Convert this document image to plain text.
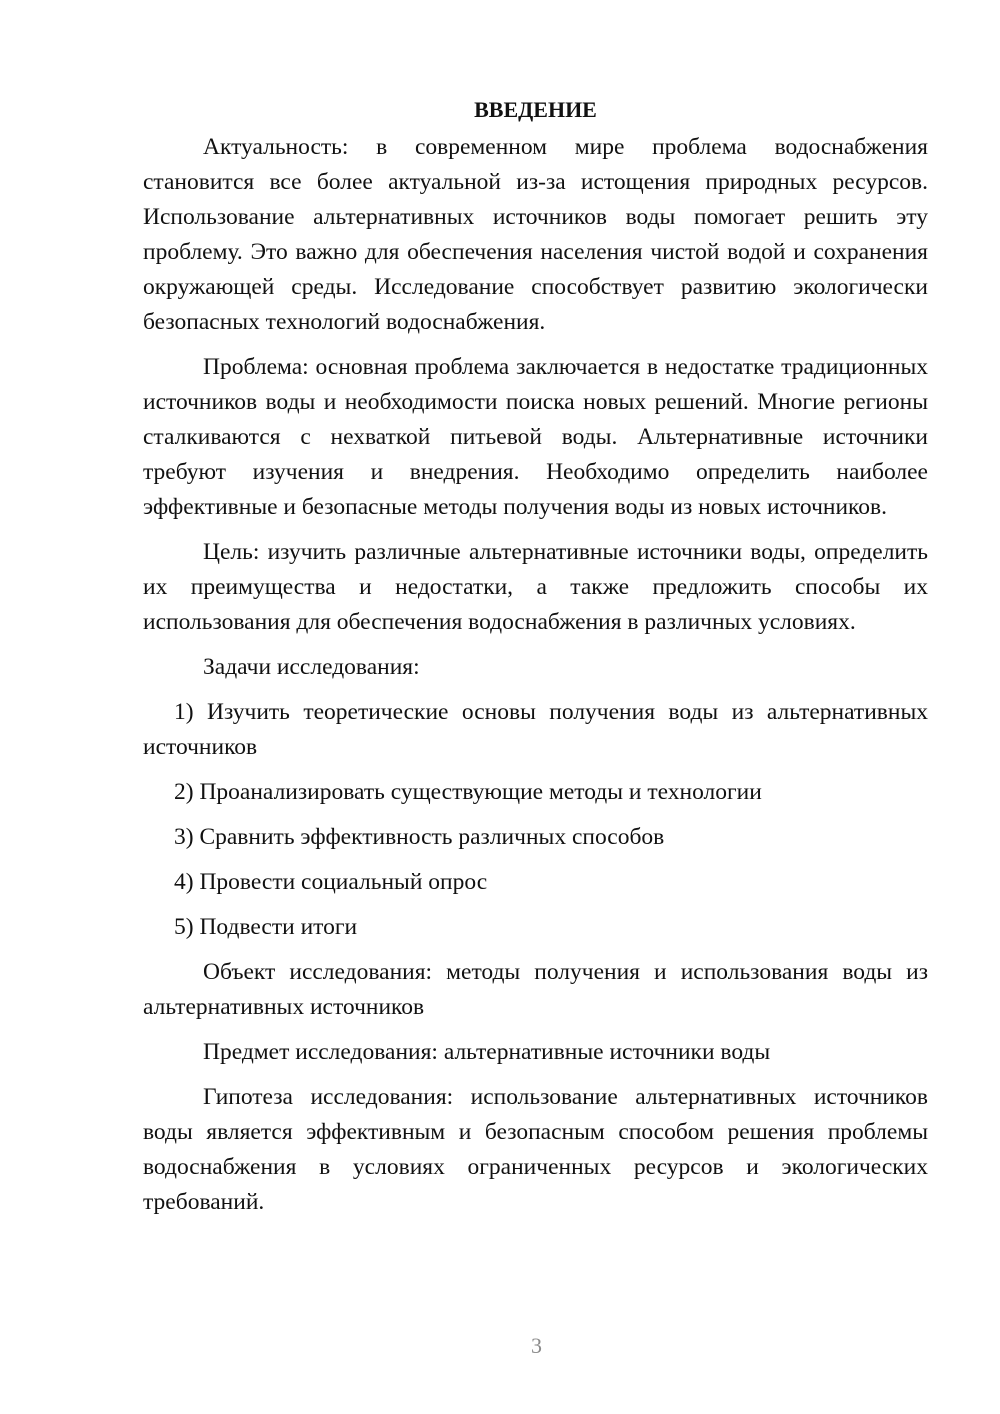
ВВЕДЕНИЕ

Актуальность: в современном мире проблема водоснабжения становится все более актуальной из-за истощения природных ресурсов. Использование альтернативных источников воды помогает решить эту проблему. Это важно для обеспечения населения чистой водой и сохранения окружающей среды. Исследование способствует развитию экологически безопасных технологий водоснабжения.

Проблема: основная проблема заключается в недостатке традиционных источников воды и необходимости поиска новых решений. Многие регионы сталкиваются с нехваткой питьевой воды. Альтернативные источники требуют изучения и внедрения. Необходимо определить наиболее эффективные и безопасные методы получения воды из новых источников.

Цель: изучить различные альтернативные источники воды, определить их преимущества и недостатки, а также предложить способы их использования для обеспечения водоснабжения в различных условиях.

Задачи исследования:

1) Изучить теоретические основы получения воды из альтернативных источников

2) Проанализировать существующие методы и технологии

3) Сравнить эффективность различных способов

4) Провести социальный опрос

5) Подвести итоги

Объект исследования: методы получения и использования воды из альтернативных источников

Предмет исследования: альтернативные источники воды

Гипотеза исследования: использование альтернативных источников воды является эффективным и безопасным способом решения проблемы водоснабжения в условиях ограниченных ресурсов и экологических требований.

3
